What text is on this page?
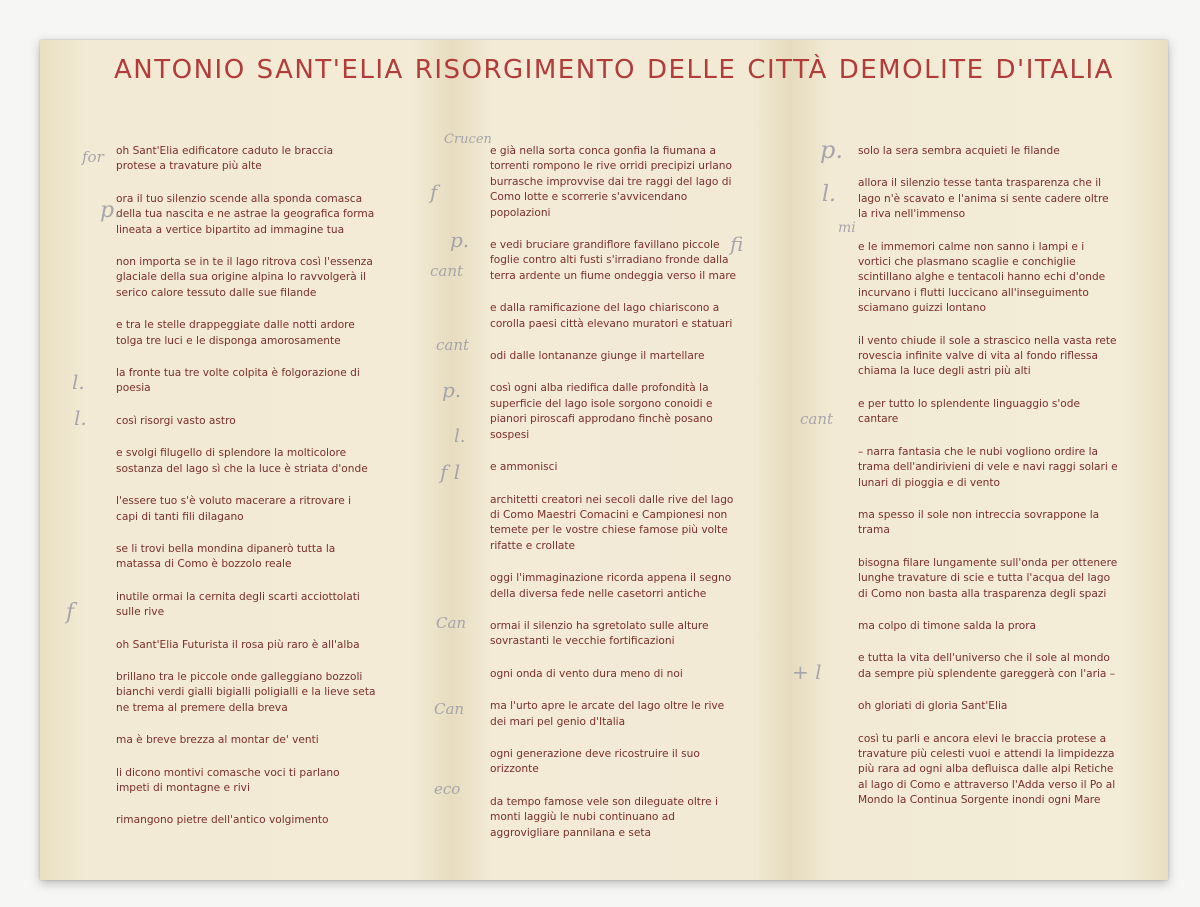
ANTONIO SANT'ELIA RISORGIMENTO DELLE CITTÀ DEMOLITE D'ITALIA

oh Sant'Elia edificatore caduto le braccia protese a travature più alte

ora il tuo silenzio scende alla sponda comasca della tua nascita e ne astrae la geografica forma lineata a vertice bipartito ad immagine tua

non importa se in te il lago ritrova così l'essenza glaciale della sua origine alpina lo ravvolgerà il serico calore tessuto dalle sue filande

e tra le stelle drappeggiate dalle notti ardore tolga tre luci e le disponga amorosamente

la fronte tua tre volte colpita è folgorazione di poesia

così risorgi vasto astro

e svolgi filugello di splendore la molticolore sostanza del lago sì che la luce è striata d'onde

l'essere tuo s'è voluto macerare a ritrovare i capi di tanti fili dilagano

se li trovi bella mondina dipanerò tutta la matassa di Como è bozzolo reale

inutile ormai la cernita degli scarti acciottolati sulle rive

oh Sant'Elia Futurista il rosa più raro è all'alba

brillano tra le piccole onde galleggiano bozzoli bianchi verdi gialli bigialli poligialli e la lieve seta ne trema al premere della breva

ma è breve brezza al montar de' venti

li dicono montivi comasche voci ti parlano impeti di montagne e rivi

rimangono pietre dell'antico volgimento

e già nella sorta conca gonfia la fiumana a torrenti rompono le rive orridi precipizi urlano burrasche improvvise dai tre raggi del lago di Como lotte e scorrerie s'avvicendano popolazioni

e vedi bruciare grandiflore favillano piccole foglie contro alti fusti s'irradiano fronde dalla terra ardente un fiume ondeggia verso il mare

e dalla ramificazione del lago chiariscono a corolla paesi città elevano muratori e statuari

odi dalle lontananze giunge il martellare

così ogni alba riedifica dalle profondità la superficie del lago isole sorgono conoidi e pianori piroscafi approdano finchè posano sospesi

e ammonisci

architetti creatori nei secoli dalle rive del lago di Como Maestri Comacini e Campionesi non temete per le vostre chiese famose più volte rifatte e crollate

oggi l'immaginazione ricorda appena il segno della diversa fede nelle casetorri antiche

ormai il silenzio ha sgretolato sulle alture sovrastanti le vecchie fortificazioni

ogni onda di vento dura meno di noi

ma l'urto apre le arcate del lago oltre le rive dei mari pel genio d'Italia

ogni generazione deve ricostruire il suo orizzonte

da tempo famose vele son dileguate oltre i monti laggiù le nubi continuano ad aggrovigliare pannilana e seta

solo la sera sembra acquieti le filande

allora il silenzio tesse tanta trasparenza che il lago n'è scavato e l'anima si sente cadere oltre la riva nell'immenso

e le immemori calme non sanno i lampi e i vortici che plasmano scaglie e conchiglie scintillano alghe e tentacoli hanno echi d'onde incurvano i flutti luccicano all'inseguimento sciamano guizzi lontano

il vento chiude il sole a strascico nella vasta rete rovescia infinite valve di vita al fondo riflessa chiama la luce degli astri più alti

e per tutto lo splendente linguaggio s'ode cantare

– narra fantasia che le nubi vogliono ordire la trama dell'andirivieni di vele e navi raggi solari e lunari di pioggia e di vento

ma spesso il sole non intreccia sovrappone la trama

bisogna filare lungamente sull'onda per ottenere lunghe travature di scie e tutta l'acqua del lago di Como non basta alla trasparenza degli spazi

ma colpo di timone salda la prora

e tutta la vita dell'universo che il sole al mondo da sempre più splendente gareggerà con l'aria –

oh gloriati di gloria Sant'Elia

così tu parli e ancora elevi le braccia protese a travature più celesti vuoi e attendi la limpidezza più rara ad ogni alba defluisca dalle alpi Retiche al lago di Como e attraverso l'Adda verso il Po al Mondo la Continua Sorgente inondi ogni Mare

for
p.
l.
l.
f
Crucen
f
p.
cant
cant
p.
l.
f l
Can
Can
eco
fi
p.
l.
mi
cant
+ l
